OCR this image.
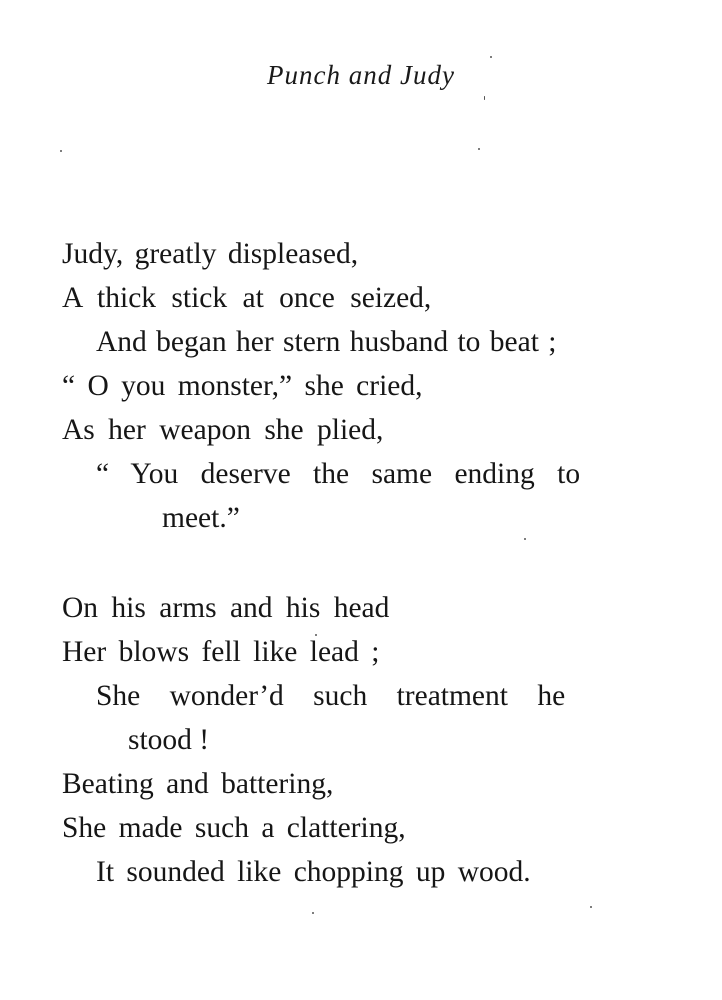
Punch and Judy
Judy, greatly displeased,
A thick stick at once seized,
And began her stern husband to beat ;
“ O you monster,” she cried,
As her weapon she plied,
“ You deserve the same ending to
meet.”
On his arms and his head
Her blows fell like lead ;
She wonder’d such treatment he
stood !
Beating and battering,
She made such a clattering,
It sounded like chopping up wood.
